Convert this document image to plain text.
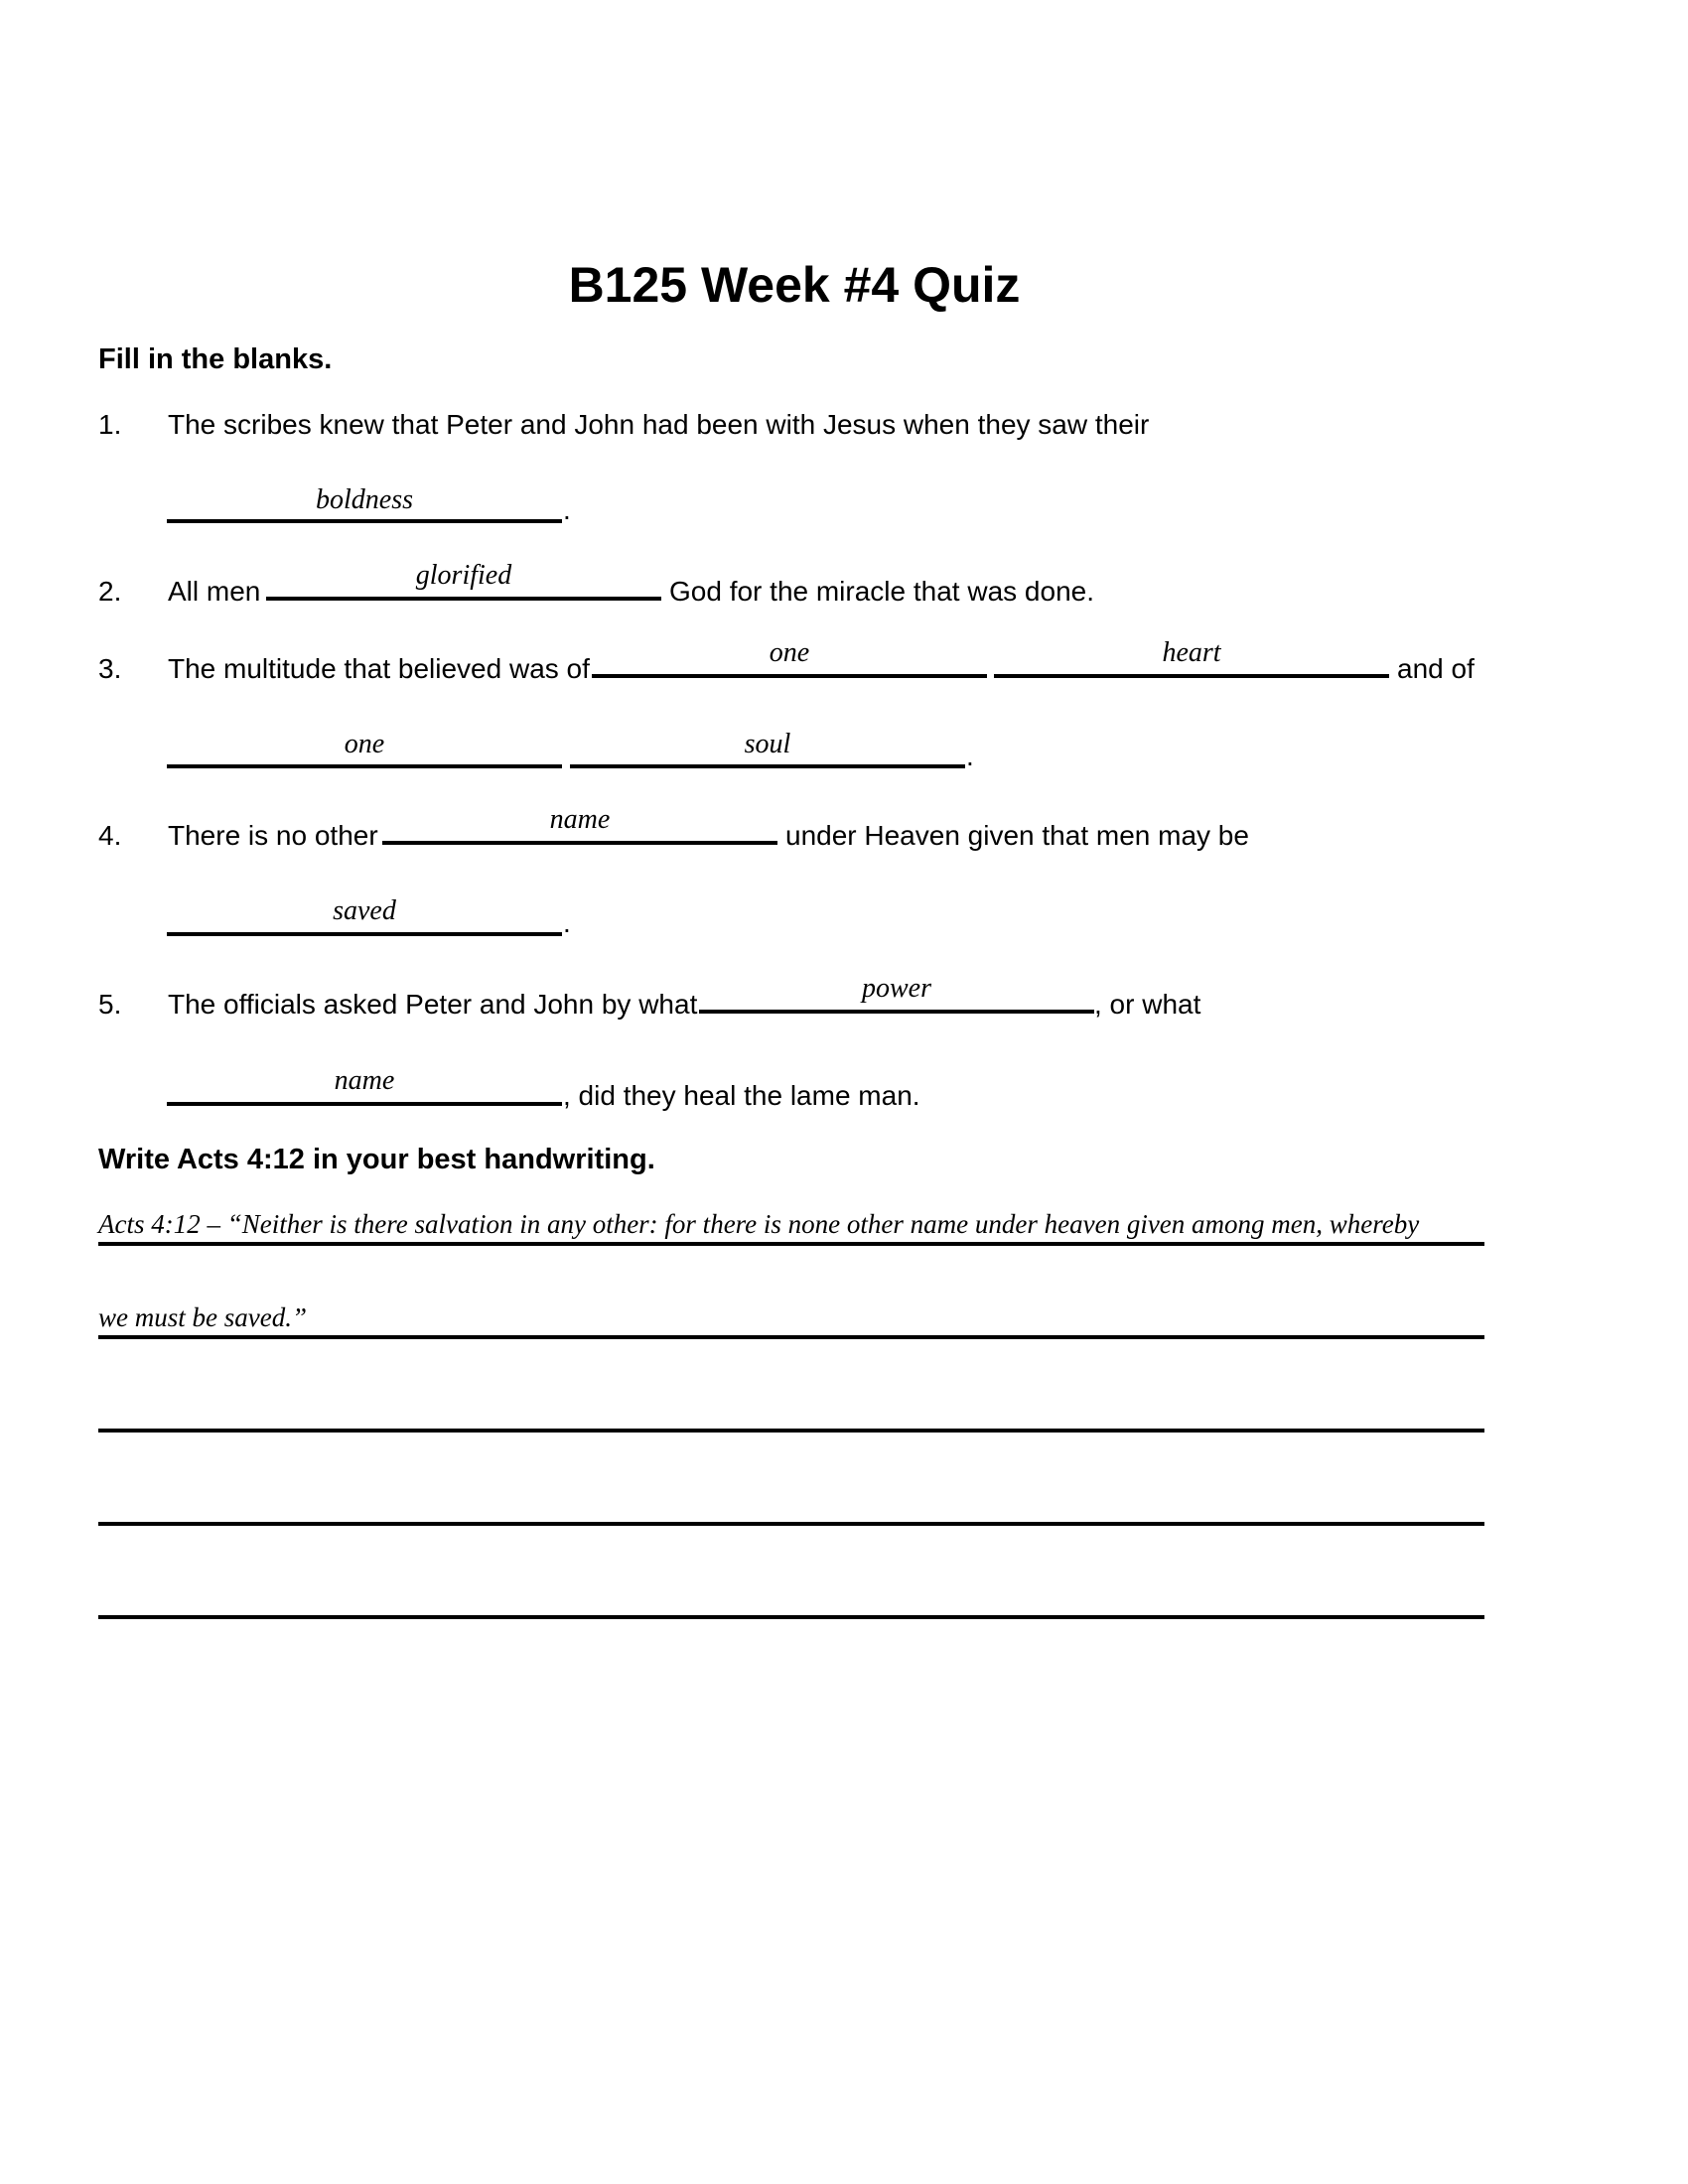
B125 Week #4 Quiz
Fill in the blanks.
1. The scribes knew that Peter and John had been with Jesus when they saw their
boldness	.
2. All men
glorified
God for the miracle that was done.
3. The multitude that believed was of
one	heart
and of
one	soul	.
4. There is no other
name
under Heaven given that men may be
saved	.
5. The officials asked Peter and John by what
power
, or what
name	, did they heal the lame man.
Write Acts 4:12 in your best handwriting.
Acts 4:12 – “Neither is there salvation in any other: for there is none other name under heaven given among men, whereby
we must be saved.”
